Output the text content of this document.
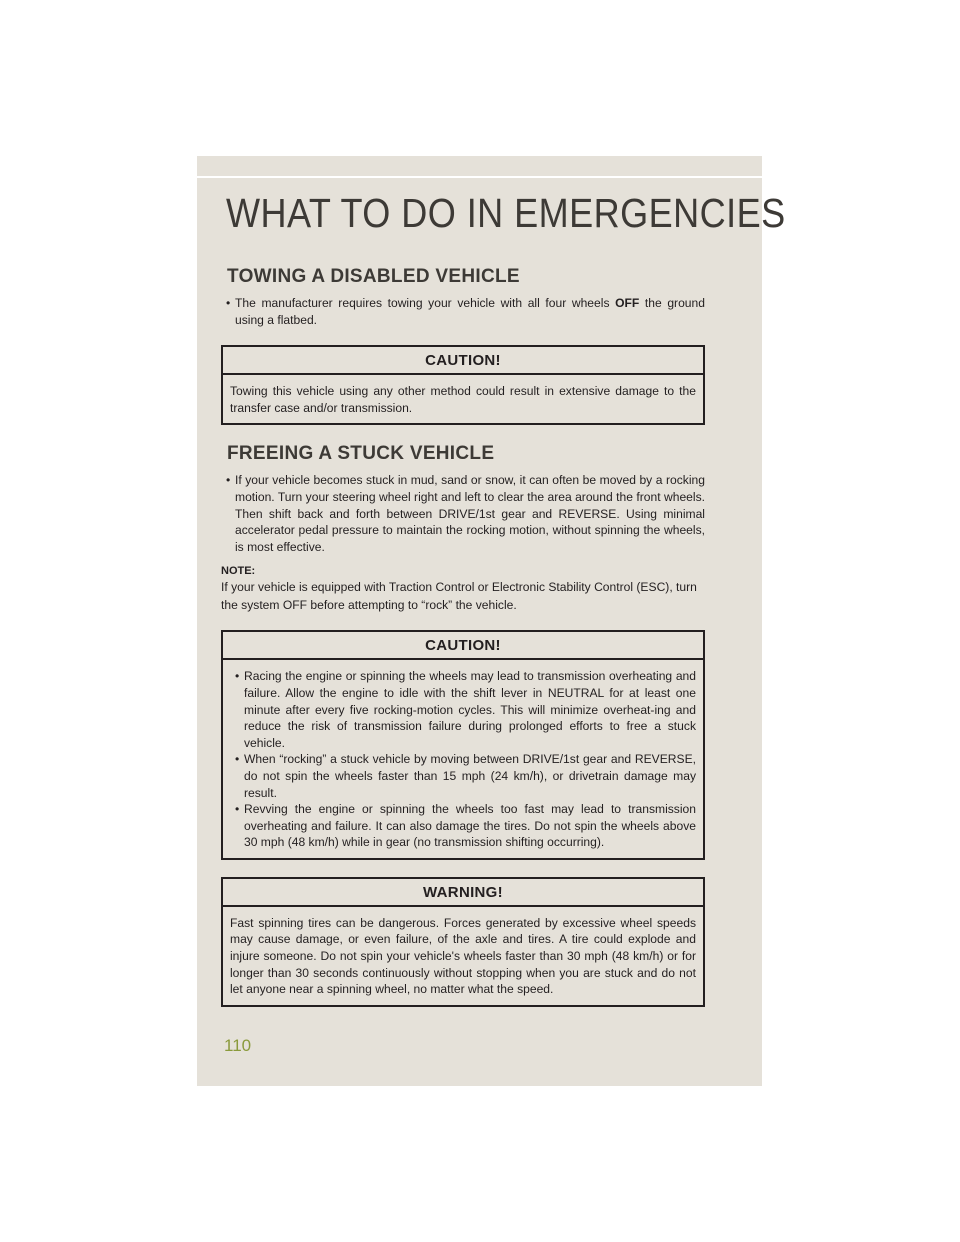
WHAT TO DO IN EMERGENCIES
TOWING A DISABLED VEHICLE

• The manufacturer requires towing your vehicle with all four wheels OFF the ground using a flatbed.

CAUTION!
Towing this vehicle using any other method could result in extensive damage to the transfer case and/or transmission.
FREEING A STUCK VEHICLE

• If your vehicle becomes stuck in mud, sand or snow, it can often be moved by a rocking motion. Turn your steering wheel right and left to clear the area around the front wheels. Then shift back and forth between DRIVE/1st gear and REVERSE. Using minimal accelerator pedal pressure to maintain the rocking motion, without spinning the wheels, is most effective.

NOTE:

If your vehicle is equipped with Traction Control or Electronic Stability Control (ESC), turn the system OFF before attempting to “rock” the vehicle.

CAUTION!

• Racing the engine or spinning the wheels may lead to transmission overheating and failure. Allow the engine to idle with the shift lever in NEUTRAL for at least one minute after every five rocking-motion cycles. This will minimize overheat-ing and reduce the risk of transmission failure during prolonged efforts to free a stuck vehicle.

• When “rocking” a stuck vehicle by moving between DRIVE/1st gear and REVERSE, do not spin the wheels faster than 15 mph (24 km/h), or drivetrain damage may result.

• Revving the engine or spinning the wheels too fast may lead to transmission overheating and failure. It can also damage the tires. Do not spin the wheels above 30 mph (48 km/h) while in gear (no transmission shifting occurring).

WARNING!
Fast spinning tires can be dangerous. Forces generated by excessive wheel speeds may cause damage, or even failure, of the axle and tires. A tire could explode and injure someone. Do not spin your vehicle's wheels faster than 30 mph (48 km/h) or for longer than 30 seconds continuously without stopping when you are stuck and do not let anyone near a spinning wheel, no matter what the speed.
110
